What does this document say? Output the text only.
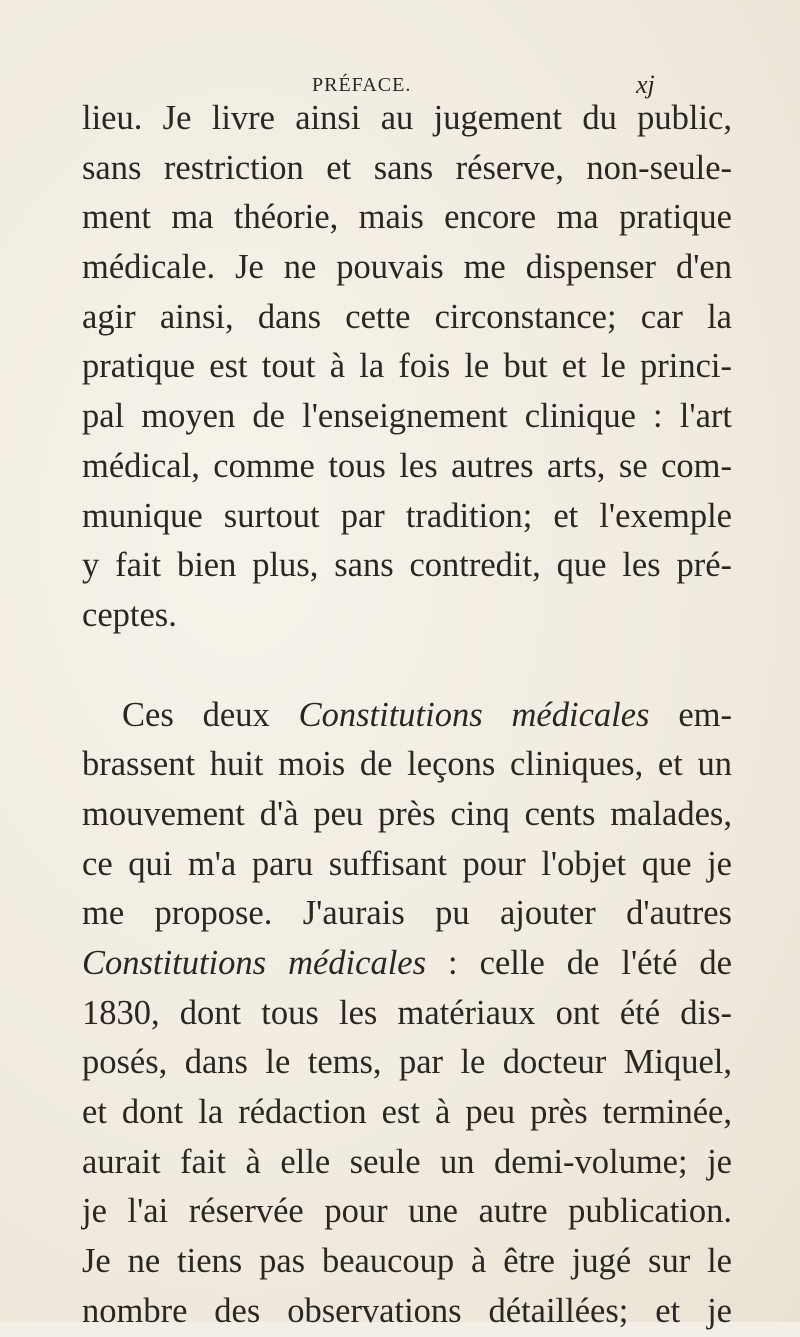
PRÉFACE.	xj
lieu. Je livre ainsi au jugement du public,
sans restriction et sans réserve, non-seule-
ment ma théorie, mais encore ma pratique
médicale. Je ne pouvais me dispenser d'en
agir ainsi, dans cette circonstance; car la
pratique est tout à la fois le but et le princi-
pal moyen de l'enseignement clinique : l'art
médical, comme tous les autres arts, se com-
munique surtout par tradition; et l'exemple
y fait bien plus, sans contredit, que les pré-
ceptes.
Ces deux Constitutions médicales em-
brassent huit mois de leçons cliniques, et un
mouvement d'à peu près cinq cents malades,
ce qui m'a paru suffisant pour l'objet que je
me propose. J'aurais pu ajouter d'autres
Constitutions médicales : celle de l'été de
1830, dont tous les matériaux ont été dis-
posés, dans le tems, par le docteur Miquel,
et dont la rédaction est à peu près terminée,
aurait fait à elle seule un demi-volume; je
je l'ai réservée pour une autre publication.
Je ne tiens pas beaucoup à être jugé sur le
nombre des observations détaillées; et je
